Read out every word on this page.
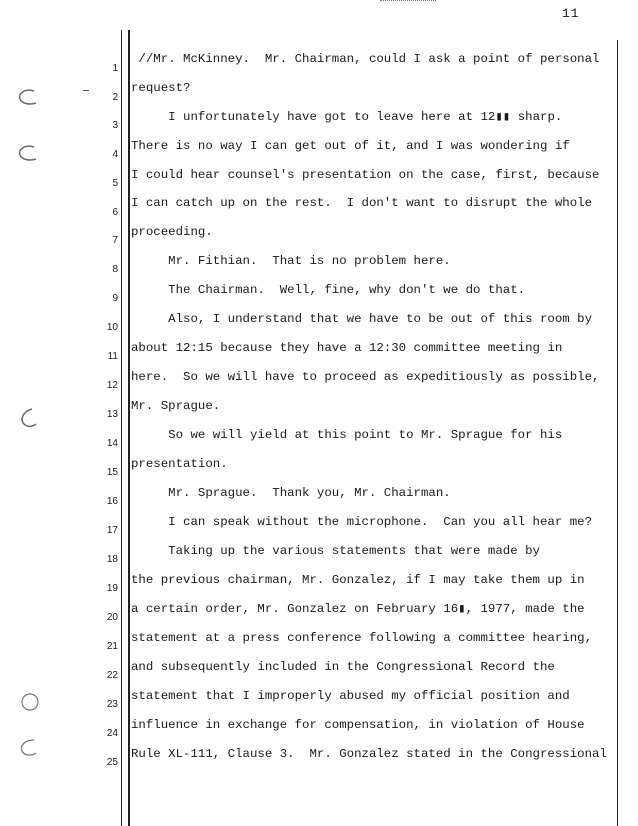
11
1
//Mr. McKinney.  Mr. Chairman, could I ask a point of personal
2
request?
3
I unfortunately have got to leave here at 12▮▮ sharp.
4
There is no way I can get out of it, and I was wondering if
5
I could hear counsel's presentation on the case, first, because
6
I can catch up on the rest.  I don't want to disrupt the whole
7
proceeding.
8
Mr. Fithian.  That is no problem here.
9
The Chairman.  Well, fine, why don't we do that.
10
Also, I understand that we have to be out of this room by
11
about 12:15 because they have a 12:30 committee meeting in
12
here.  So we will have to proceed as expeditiously as possible,
13
Mr. Sprague.
14
So we will yield at this point to Mr. Sprague for his
15
presentation.
16
Mr. Sprague.  Thank you, Mr. Chairman.
17
I can speak without the microphone.  Can you all hear me?
18
Taking up the various statements that were made by
19
the previous chairman, Mr. Gonzalez, if I may take them up in
20
a certain order, Mr. Gonzalez on February 16▮, 1977, made the
21
statement at a press conference following a committee hearing,
22
and subsequently included in the Congressional Record the
23
statement that I improperly abused my official position and
24
influence in exchange for compensation, in violation of House
25
Rule XL-111, Clause 3.  Mr. Gonzalez stated in the Congressional
